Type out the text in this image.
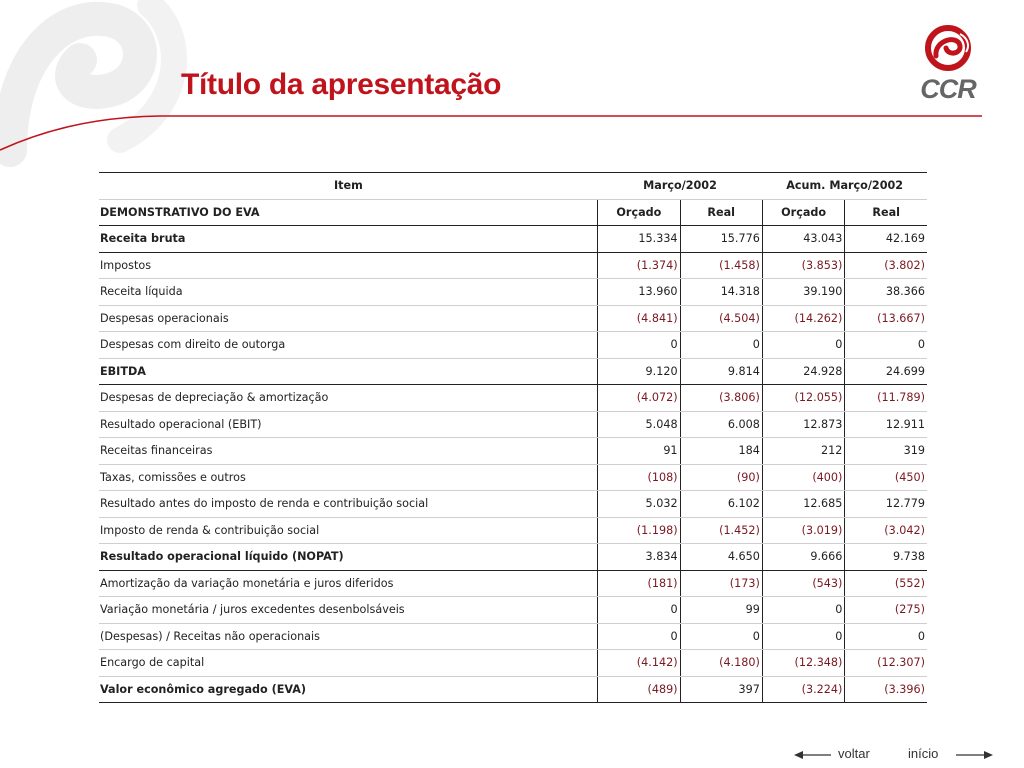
Título da apresentação	CCR
Item	Março/2002		Acum. Março/2002	
DEMONSTRATIVO DO EVA	Orçado	Real	Orçado	Real
Receita bruta	15.334	15.776	43.043	42.169
Impostos	(1.374)	(1.458)	(3.853)	(3.802)
Receita líquida	13.960	14.318	39.190	38.366
Despesas operacionais	(4.841)	(4.504)	(14.262)	(13.667)
Despesas com direito de outorga	0	0	0	0
EBITDA	9.120	9.814	24.928	24.699
Despesas de depreciação & amortização	(4.072)	(3.806)	(12.055)	(11.789)
Resultado operacional (EBIT)	5.048	6.008	12.873	12.911
Receitas financeiras	91	184	212	319
Taxas, comissões e outros	(108)	(90)	(400)	(450)
Resultado antes do imposto de renda e contribuição social	5.032	6.102	12.685	12.779
Imposto de renda & contribuição social	(1.198)	(1.452)	(3.019)	(3.042)
Resultado operacional líquido (NOPAT)	3.834	4.650	9.666	9.738
Amortização da variação monetária e juros diferidos	(181)	(173)	(543)	(552)
Variação monetária / juros excedentes desenbolsáveis	0	99	0	(275)
(Despesas) / Receitas não operacionais	0	0	0	0
Encargo de capital	(4.142)	(4.180)	(12.348)	(12.307)
Valor econômico agregado (EVA)	(489)	397	(3.224)	(3.396)
voltar	início
